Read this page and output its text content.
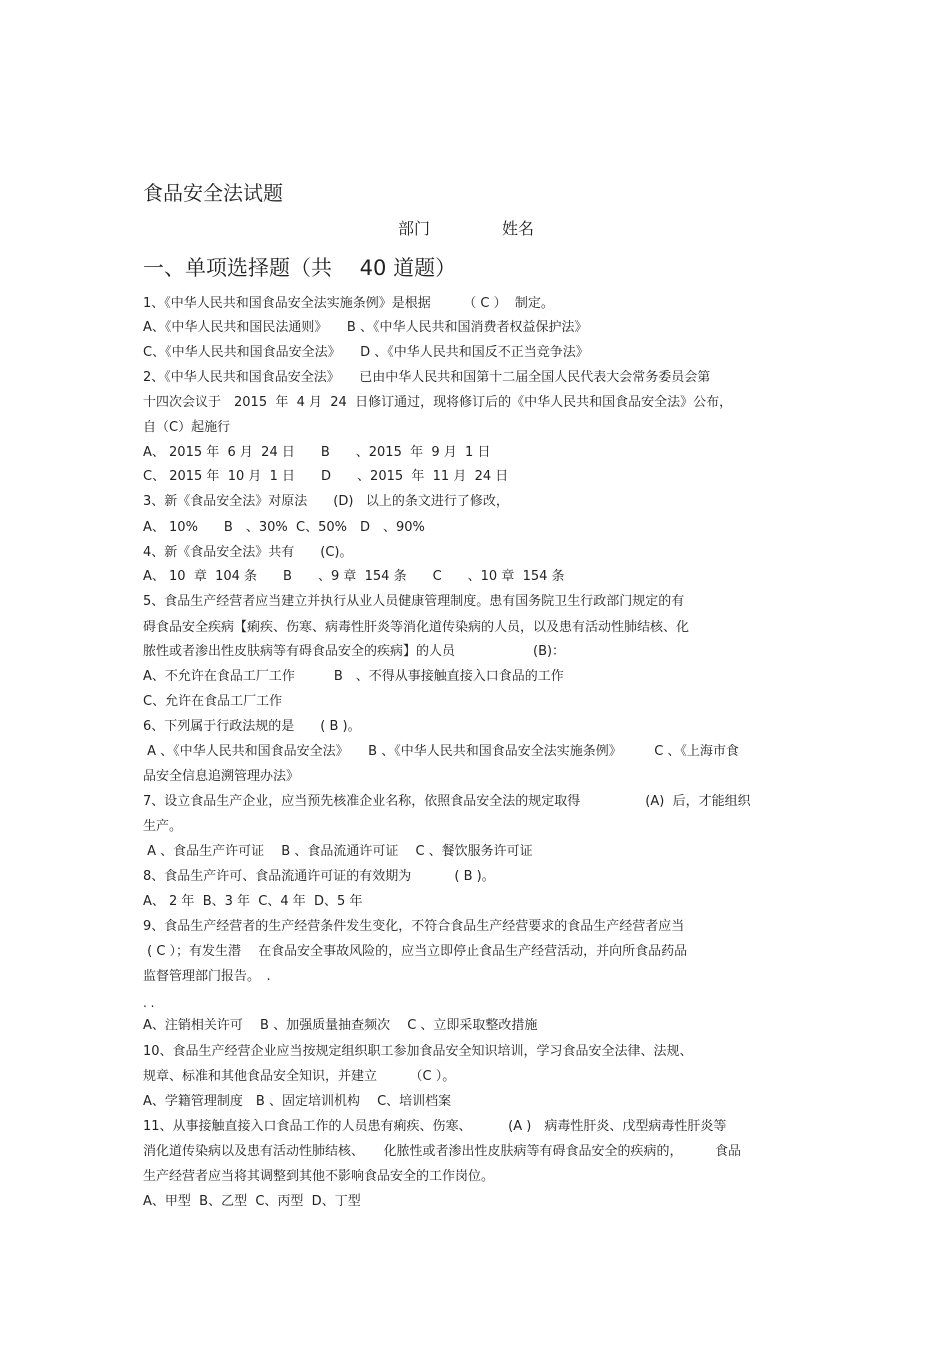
食品安全法试题
部门	姓名
一、单项选择题（共　 40 道题）
1、《中华人民共和国食品安全法实施条例》是根据　　　（ C ）  制定。
A、《中华人民共和国民法通则》　　B 、《中华人民共和国消费者权益保护法》
C、《中华人民共和国食品安全法》　　D 、《中华人民共和国反不正当竞争法》
2、《中华人民共和国食品安全法》　　已由中华人民共和国第十二届全国人民代表大会常务委员会第
十四次会议于　2015  年  4 月  24  日修订通过，现将修订后的《中华人民共和国食品安全法》公布，
自（C）起施行
A、 2015 年  6 月  24 日　　B　　、2015  年  9 月  1 日
C、 2015 年  10 月  1 日　　D　　、2015  年  11 月  24 日
3、新《食品安全法》对原法　　(D)   以上的条文进行了修改，
A、 10%　　B　、30%  C、50%　D　、90%
4、新《食品安全法》共有　　(C)。
A、 10  章  104 条　　B　　、9 章  154 条　　C　　、10 章  154 条
5、食品生产经营者应当建立并执行从业人员健康管理制度。患有国务院卫生行政部门规定的有
碍食品安全疾病【痢疾、伤寒、病毒性肝炎等消化道传染病的人员，以及患有活动性肺结核、化
脓性或者渗出性皮肤病等有碍食品安全的疾病】的人员　　　　　　(B)：
A、不允许在食品工厂工作　　　B　、不得从事接触直接入口食品的工作
C、允许在食品工厂工作
6、下列属于行政法规的是　　( B )。
A 、《中华人民共和国食品安全法》　　B 、《中华人民共和国食品安全法实施条例》　　　C 、《上海市食
品安全信息追溯管理办法》
7、设立食品生产企业，应当预先核准企业名称，依照食品安全法的规定取得　　　　　(A)  后，才能组织
生产。
A 、食品生产许可证　 B 、食品流通许可证　 C 、餐饮服务许可证
8、食品生产许可、食品流通许可证的有效期为　　　 ( B )。
A、 2 年  B、3 年  C、4 年  D、5 年
9、食品生产经营者的生产经营条件发生变化，不符合食品生产经营要求的食品生产经营者应当
( C ）；有发生潜　 在食品安全事故风险的，应当立即停止食品生产经营活动，并向所食品药品
监督管理部门报告。　.
. .
A、注销相关许可　 B 、加强质量抽查频次　 C 、立即采取整改措施
10、食品生产经营企业应当按规定组织职工参加食品安全知识培训，学习食品安全法律、法规、
规章、标准和其他食品安全知识，并建立　　　（C ）。
A、学籍管理制度　B 、固定培训机构　 C、培训档案
11、从事接触直接入口食品工作的人员患有痢疾、伤寒、　　　 (A )　病毒性肝炎、戊型病毒性肝炎等
消化道传染病以及患有活动性肺结核、　　化脓性或者渗出性皮肤病等有碍食品安全的疾病的，　　　食品
生产经营者应当将其调整到其他不影响食品安全的工作岗位。
A、甲型  B、乙型  C、丙型  D、丁型
